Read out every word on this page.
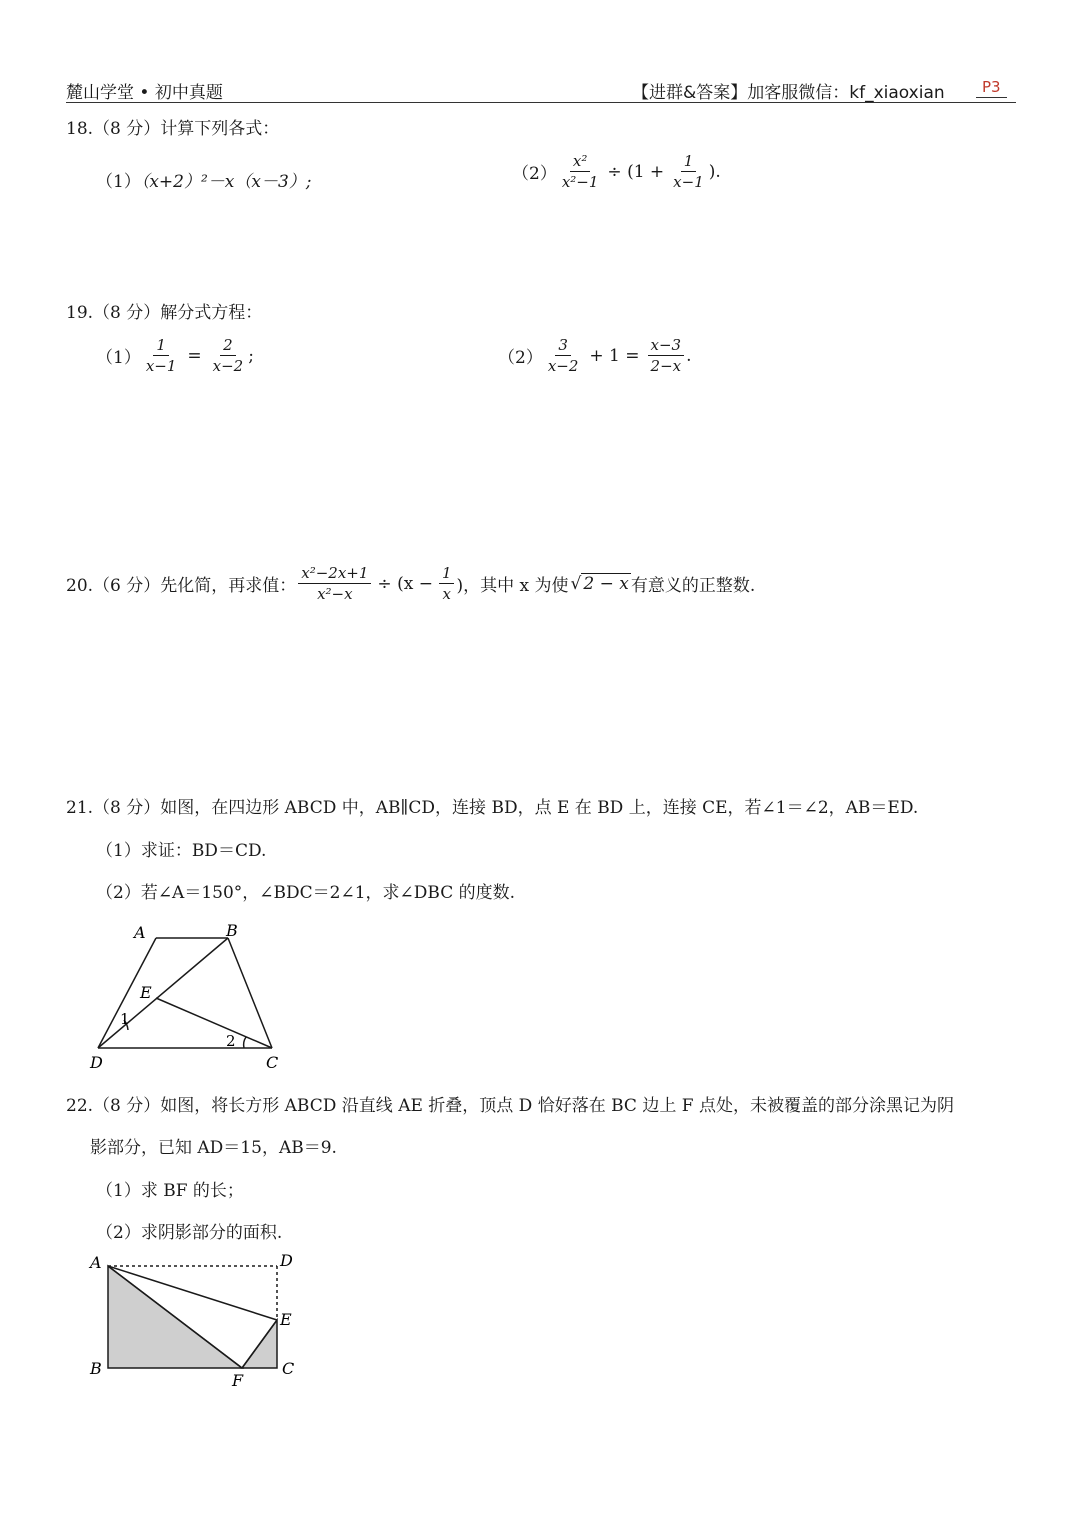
麓山学堂 • 初中真题	【进群&答案】加客服微信：kf_xiaoxian	P3
18.（8 分）计算下列各式：
（1）（x+2）²－x（x－3）;	$(2) \frac{\text{x²}}{\text{x²−1}} \div (1 + \frac{1}{x-1}$ ).
19.（8 分）解分式方程：
$(1) \frac{1}{x-1} = \frac{2}{x-2}$ ;	$(2) \frac{3}{x-2} + 1 = \frac{x-3}{2-x}$ .
20.（6 分）先化简，再求值： $\frac{\text{x²−2x+1}}{\text{x²−x}} \div (x - \frac{1}{x}$ )，其中 x 为使 √ 2 − x 有意义的正整数.
21.（8 分）如图，在四边形 ABCD 中，AB∥CD，连接 BD，点 E 在 BD 上，连接 CE，若∠1＝∠2，AB＝ED.
（1）求证：BD＝CD.
（2）若∠A＝150°，∠BDC＝2∠1，求∠DBC 的度数.
A	B
C
D
E
1
2
22.（8 分）如图，将长方形 ABCD 沿直线 AE 折叠，顶点 D 恰好落在 BC 边上 F 点处，未被覆盖的部分涂黑记为阴
影部分，已知 AD＝15，AB＝9.
（1）求 BF 的长；
（2）求阴影部分的面积.
A	D
E
B	C
F
